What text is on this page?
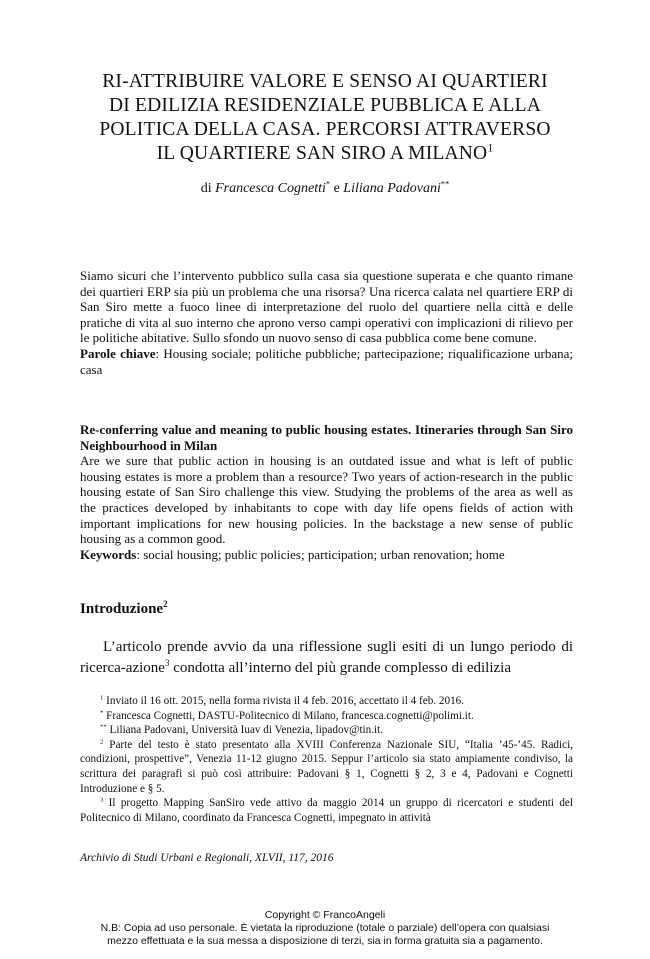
RI-ATTRIBUIRE VALORE E SENSO AI QUARTIERI
DI EDILIZIA RESIDENZIALE PUBBLICA E ALLA
POLITICA DELLA CASA. PERCORSI ATTRAVERSO
IL QUARTIERE SAN SIRO A MILANO$^1$
di Francesca Cognetti* e Liliana Padovani**

Siamo sicuri che l’intervento pubblico sulla casa sia questione superata e che quanto rimane dei quartieri ERP sia più un problema che una risorsa? Una ricerca calata nel quartiere ERP di San Siro mette a fuoco linee di interpretazione del ruolo del quartiere nella città e delle pratiche di vita al suo interno che aprono verso campi operativi con implicazioni di rilievo per le politiche abitative. Sullo sfondo un nuovo senso di casa pubblica come bene comune.

Parole chiave: Housing sociale; politiche pubbliche; partecipazione; riqualificazione urbana; casa

Re-conferring value and meaning to public housing estates. Itineraries through San Siro Neighbourhood in Milan

Are we sure that public action in housing is an outdated issue and what is left of public housing estates is more a problem than a resource? Two years of action-research in the public housing estate of San Siro challenge this view. Studying the problems of the area as well as the practices developed by inhabitants to cope with day life opens fields of action with important implications for new housing policies. In the backstage a new sense of public housing as a common good.

Keywords: social housing; public policies; participation; urban renovation; home

Introduzione$^2$

L’articolo prende avvio da una riflessione sugli esiti di un lungo periodo di ricerca-azione$^3$ condotta all’interno del più grande complesso di edilizia

$^1$ Inviato il 16 ott. 2015, nella forma rivista il 4 feb. 2016, accettato il 4 feb. 2016.

* Francesca Cognetti, DASTU-Politecnico di Milano, francesca.cognetti@polimi.it.

** Liliana Padovani, Università Iuav di Venezia, lipadov@tin.it.

$^2$ Parte del testo è stato presentato alla XVIII Conferenza Nazionale SIU, “Italia ’45-’45. Radici, condizioni, prospettive”, Venezia 11-12 giugno 2015. Seppur l’articolo sia stato ampiamente condiviso, la scrittura dei paragrafi si può così attribuire: Padovani § 1, Cognetti § 2, 3 e 4, Padovani e Cognetti Introduzione e § 5.

$^3$ Il progetto Mapping SanSiro vede attivo da maggio 2014 un gruppo di ricercatori e studenti del Politecnico di Milano, coordinato da Francesca Cognetti, impegnato in attività

Archivio di Studi Urbani e Regionali, XLVII, 117, 2016
Copyright © FrancoAngeli
N.B: Copia ad uso personale. È vietata la riproduzione (totale o parziale) dell’opera con qualsiasi
mezzo effettuata e la sua messa a disposizione di terzi, sia in forma gratuita sia a pagamento.
